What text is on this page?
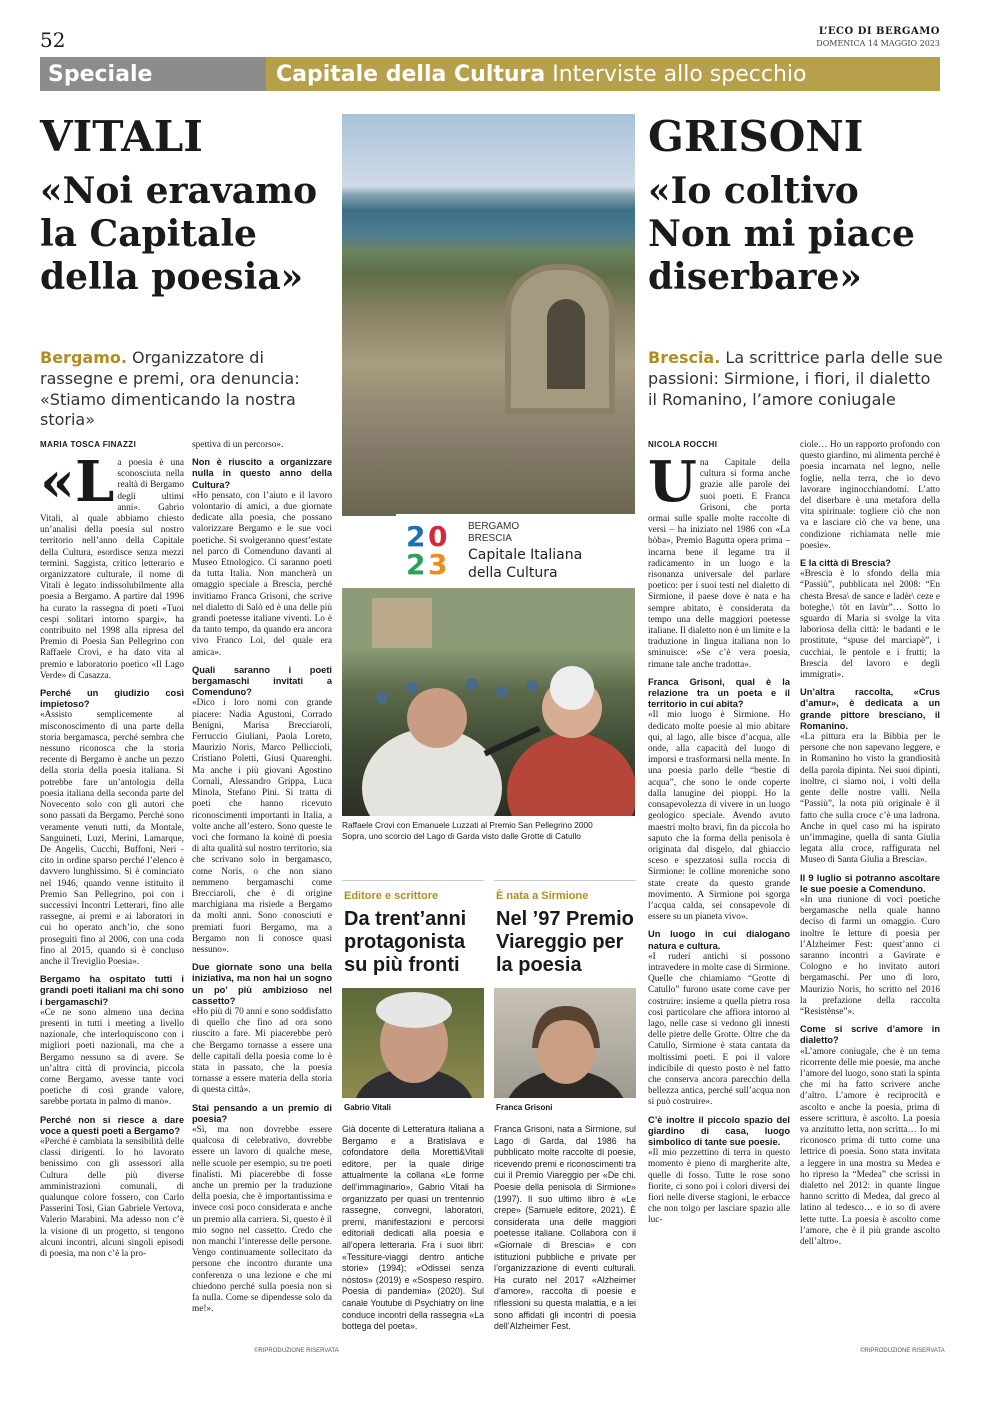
52	L’ECO DI BERGAMO
DOMENICA 14 MAGGIO 2023
Speciale	Capitale della Cultura Interviste allo specchio
VITALI
«Noi eravamo
la Capitale
della poesia»
Bergamo. Organizzatore di rassegne e premi, ora denuncia: «Stiamo dimenticando la nostra storia»
MARIA TOSCA FINAZZI
«L a poesia è una sconosciuta nella realtà di Bergamo degli ultimi anni». Gabrio Vitali, al quale abbiamo chiesto un’analisi della poesia sul nostro territorio nell’anno della Capitale della Cultura, esordisce senza mezzi termini. Saggista, critico letterario e organizzatore culturale, il nome di Vitali è legato indissolubilmente alla poesia a Bergamo. A partire dal 1996 ha curato la rassegna di poeti «Tuoi cespi solitari intorno spargi», ha contribuito nel 1998 alla ripresa del Premio di Poesia San Pellegrino con Raffaele Crovi, e ha dato vita al premio e laboratorio poetico «Il Lago Verde» di Casazza.

Perché un giudizio così impietoso?

«Assisto semplicemente al misconoscimento di una parte della storia bergamasca, perché sembra che nessuno riconosca che la storia recente di Bergamo è anche un pezzo della storia della poesia italiana. Si potrebbe fare un’antologia della poesia italiana della seconda parte del Novecento solo con gli autori che sono passati da Bergamo. Perché sono veramente venuti tutti, da Montale, Sanguineti, Luzi, Merini, Lamarque, De Angelis, Cucchi, Buffoni, Neri - cito in ordine sparso perché l’elenco è davvero lunghissimo. Si è cominciato nel 1946, quando venne istituito il Premio San Pellegrino, poi con i successivi Incontri Letterari, fino alle rassegne, ai premi e ai laboratori in cui ho operato anch’io, che sono proseguiti fino al 2006, con una coda fino al 2015, quando si è concluso anche il Treviglio Poesia».

Bergamo ha ospitato tutti i grandi poeti italiani ma chi sono i bergamaschi?

«Ce ne sono almeno una decina presenti in tutti i meeting a livello nazionale, che interloquiscono con i migliori poeti nazionali, ma che a Bergamo nessuno sa di avere. Se un’altra città di provincia, piccola come Bergamo, avesse tante voci poetiche di così grande valore, sarebbe portata in palmo di mano».

Perché non si riesce a dare voce a questi poeti a Bergamo?

«Perché è cambiata la sensibilità delle classi dirigenti. Io ho lavorato benissimo con gli assessori alla Cultura delle più diverse amministrazioni comunali, di qualunque colore fossero, con Carlo Passerini Tosi, Gian Gabriele Vertova, Valerio Marabini. Ma adesso non c’è la visione di un progetto, si tengono alcuni incontri, alcuni singoli episodi di poesia, ma non c’è la pro-

spettiva di un percorso».

Non è riuscito a organizzare nulla in questo anno della Cultura?

«Ho pensato, con l’aiuto e il lavoro volontario di amici, a due giornate dedicate alla poesia, che possano valorizzare Bergamo e le sue voci poetiche. Si svolgeranno quest’estate nel parco di Comenduno davanti al Museo Etnologico. Ci saranno poeti da tutta Italia. Non mancherà un omaggio speciale a Brescia, perché invitiamo Franca Grisoni, che scrive nel dialetto di Salò ed è una delle più grandi poetesse italiane viventi. Lo è da tanto tempo, da quando era ancora vivo Franco Loi, del quale era amica».

Quali saranno i poeti bergamaschi invitati a Comenduno?

«Dico i loro nomi con grande piacere: Nadia Agustoni, Corrado Benigni, Marisa Brecciaroli, Ferruccio Giuliani, Paola Loreto, Maurizio Noris, Marco Pelliccioli, Cristiano Poletti, Giusi Quarenghi. Ma anche i più giovani Agostino Cornali, Alessandro Grippa, Luca Minola, Stefano Pini. Si tratta di poeti che hanno ricevuto riconoscimenti importanti in Italia, a volte anche all’estero. Sono queste le voci che formano la koinè di poesia di alta qualità sul nostro territorio, sia che scrivano solo in bergamasco, come Noris, o che non siano nemmeno bergamaschi come Brecciaroli, che è di origine marchigiana ma risiede a Bergamo da molti anni. Sono conosciuti e premiati fuori Bergamo, ma a Bergamo non li conosce quasi nessuno».

Due giornate sono una bella iniziativa, ma non hai un sogno un po’ più ambizioso nel cassetto?

«Ho più di 70 anni e sono soddisfatto di quello che fino ad ora sono riuscito a fare. Mi piacerebbe però che Bergamo tornasse a essere una delle capitali della poesia come lo è stata in passato, che la poesia tornasse a essere materia della storia di questa città».

Stai pensando a un premio di poesia?

«Sì, ma non dovrebbe essere qualcosa di celebrativo, dovrebbe essere un lavoro di qualche mese, nelle scuole per esempio, su tre poeti finalisti. Mi piacerebbe di fosse anche un premio per la traduzione della poesia, che è importantissima e invece così poco considerata e anche un premio alla carriera. Sì, questo è il mio sogno nel cassetto. Credo che non manchi l’interesse delle persone. Vengo continuamente sollecitato da persone che incontro durante una conferenza o una lezione e che mi chiedono perché sulla poesia non si fa nulla. Come se dipendesse solo da me!».

©RIPRODUZIONE RISERVATA
2 0
2 3
BERGAMO
BRESCIA
Capitale Italiana
della Cultura
Raffaele Crovi con Emanuele Luzzati al Premio San Pellegrino 2000
Sopra, uno scorcio del Lago di Garda visto dalle Grotte di Catullo
Editore e scrittore
Da trent’anni protagonista su più fronti
Gabrio Vitali
Già docente di Letteratura italiana a Bergamo e a Bratislava e cofondatore della Moretti&Vitali editore, per la quale dirige attualmente la collana «Le forme dell’immaginario», Gabrio Vitali ha organizzato per quasi un trentennio rassegne, convegni, laboratori, premi, manifestazioni e percorsi editoriali dedicati alla poesia e all’opera letteraria. Fra i suoi libri: «Tessiture-viaggi dentro antiche storie» (1994); «Odissei senza nòstos» (2019) e «Sospeso respiro. Poesia di pandemia» (2020). Sul canale Youtube di Psychiatry on line conduce incontri della rassegna «La bottega del poeta».
È nata a Sirmione
Nel ’97 Premio Viareggio per la poesia
Franca Grisoni
Franca Grisoni, nata a Sirmione, sul Lago di Garda, dal 1986 ha pubblicato molte raccolte di poesie, ricevendo premi e riconoscimenti tra cui il Premio Viareggio per «De chi. Poesie della penisola di Sirmione» (1997). Il suo ultimo libro è «Le crepe» (Samuele editore, 2021). È considerata una delle maggiori poetesse italiane. Collabora con il «Giornale di Brescia» e con istituzioni pubbliche e private per l’organizzazione di eventi culturali. Ha curato nel 2017 «Alzheimer d’amore», raccolta di poesie e riflessioni su questa malattia, e a lei sono affidati gli incontri di poesia dell’Alzheimer Fest.
GRISONI
«Io coltivo
Non mi piace
diserbare»
Brescia. La scrittrice parla delle sue passioni: Sirmione, i fiori, il dialetto il Romanino, l’amore coniugale
NICOLA ROCCHI
U na Capitale della cultura si forma anche grazie alle parole dei suoi poeti. E Franca Grisoni, che porta ormai sulle spalle molte raccolte di versi – ha iniziato nel 1986 con «La bòba», Premio Bagutta opera prima – incarna bene il legame tra il radicamento in un luogo e la risonanza universale del parlare poetico: per i suoi testi nel dialetto di Sirmione, il paese dove è nata e ha sempre abitato, è considerata da tempo una delle maggiori poetesse italiane. Il dialetto non è un limite e la traduzione in lingua italiana non lo sminuisce: «Se c’è vera poesia, rimane tale anche tradotta».

Franca Grisoni, qual è la relazione tra un poeta e il territorio in cui abita?

«Il mio luogo è Sirmione. Ho dedicato molte poesie al mio abitare qui, al lago, alle bisce d’acqua, alle onde, alla capacità del luogo di imporsi e trasformarsi nella mente. In una poesia parlo delle “bestie di acqua”, che sono le onde coperte dalla lanugine dei pioppi. Ho la consapevolezza di vivere in un luogo geologico speciale. Avendo avuto maestri molto bravi, fin da piccola ho saputo che la forma della penisola è originata dal disgelo, dal ghiaccio sceso e spezzatosi sulla roccia di Sirmione: le colline moreniche sono state create da questo grande movimento. A Sirmione poi sgorga l’acqua calda, sei consapevole di essere su un pianeta vivo».

Un luogo in cui dialogano natura e cultura.

«I ruderi antichi si possono intravedere in molte case di Sirmione. Quelle che chiamiamo “Grotte di Catullo” furono usate come cave per costruire: insieme a quella pietra rosa così particolare che affiora intorno al lago, nelle case si vedono gli innesti delle pietre delle Grotte. Oltre che da Catullo, Sirmione è stata cantata da moltissimi poeti. E poi il valore indicibile di questo posto è nel fatto che conserva ancora parecchio della bellezza antica, perché sull’acqua non si può costruire».

C’è inoltre il piccolo spazio del giardino di casa, luogo simbolico di tante sue poesie.

«Il mio pezzettino di terra in questo momento è pieno di margherite alte, quelle di fosso. Tutte le rose sono fiorite, ci sono poi i colori diversi dei fiori nelle diverse stagioni, le erbacce che non tolgo per lasciare spazio alle luc-

ciole… Ho un rapporto profondo con questo giardino, mi alimenta perché è poesia incarnata nel legno, nelle foglie, nella terra, che io devo lavorare inginocchiandomi. L’atto del diserbare è una metafora della vita spirituale: togliere ciò che non va e lasciare ciò che va bene, una condizione richiamata nelle mie poesie».

E la città di Brescia?

«Brescia è lo sfondo della mia “Passiù”, pubblicata nel 2008: “En chesta Bresa\ de sance e ladèr\ ceze e boteghe,\ töt en lavùr”… Sotto lo sguardo di Maria si svolge la vita laboriosa della città: le badanti e le prostitute, “spuse del marciapè”, i cucchiai, le pentole e i frutti; la Brescia del lavoro e degli immigrati».

Un’altra raccolta, «Crus d’amur», è dedicata a un grande pittore bresciano, il Romanino.

«La pittura era la Bibbia per le persone che non sapevano leggere, e in Romanino ho visto la grandiosità della parola dipinta. Nei suoi dipinti, inoltre, ci siamo noi, i volti della gente delle nostre valli. Nella “Passiù”, la nota più originale è il fatto che sulla croce c’è una ladrona. Anche in quel caso mi ha ispirato un’immagine, quella di santa Giulia legata alla croce, raffigurata nel Museo di Santa Giulia a Brescia».

Il 9 luglio si potranno ascoltare le sue poesie a Comenduno.

«In una riunione di voci poetiche bergamasche nella quale hanno deciso di farmi un omaggio. Curo inoltre le letture di poesia per l’Alzheimer Fest: quest’anno ci saranno incontri a Gavirate e Cologno e ho invitato autori bergamaschi. Per uno di loro, Maurizio Noris, ho scritto nel 2016 la prefazione della raccolta “Resistènse”».

Come si scrive d’amore in dialetto?

«L’amore coniugale, che è un tema ricorrente delle mie poesie, ma anche l’amore del luogo, sono stati la spinta che mi ha fatto scrivere anche d’altro. L’amore è reciprocità e ascolto e anche la poesia, prima di essere scrittura, è ascolto. La poesia va anzitutto letta, non scritta… Io mi riconosco prima di tutto come una lettrice di poesia. Sono stata invitata a leggere in una mostra su Medea e ho ripreso la “Medea” che scrissi in dialetto nel 2012: in quante lingue hanno scritto di Medea, dal greco al latino al tedesco… e io so di avere lette tutte. La poesia è ascolto come l’amore, che è il più grande ascolto dell’altro».

©RIPRODUZIONE RISERVATA
